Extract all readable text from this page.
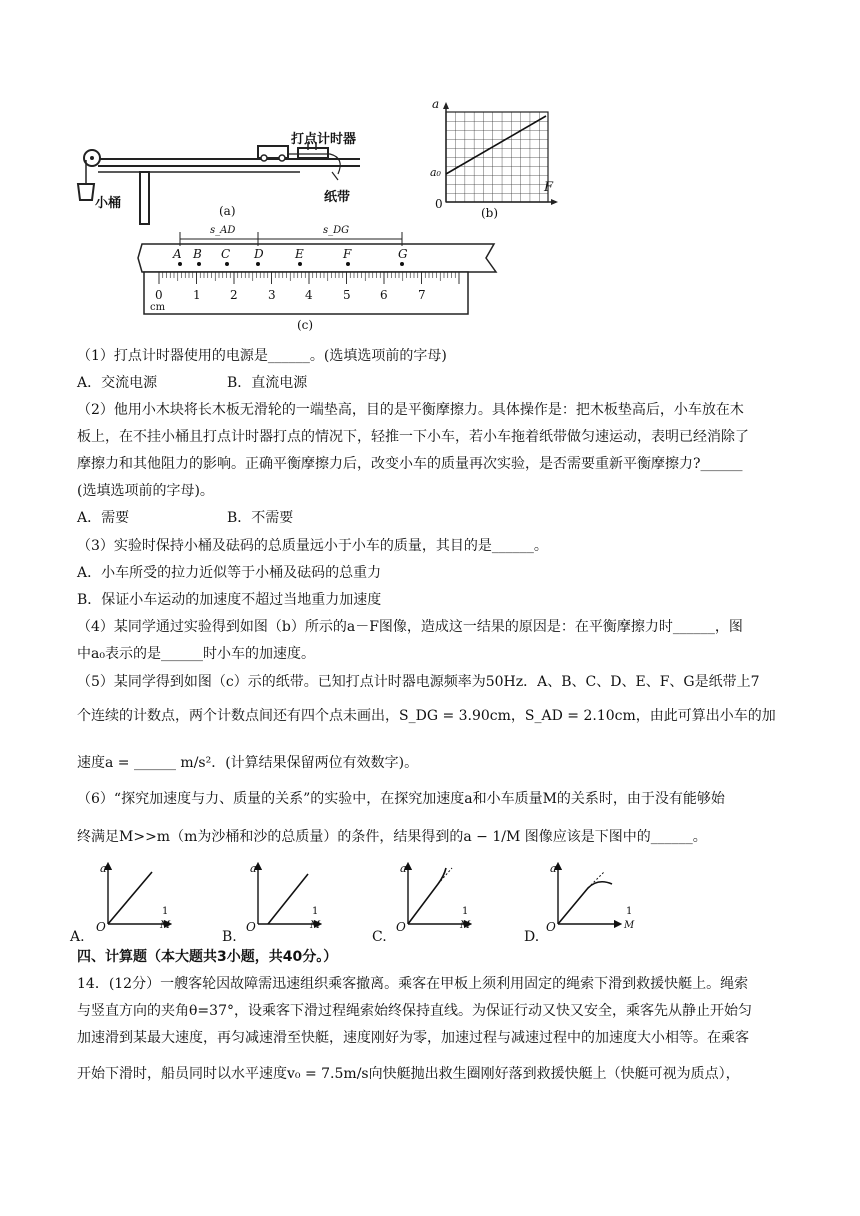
打点计时器
小桶	纸带
(a)
a
F
0
a₀
(b)
A B C D	E	F	G
s_AD	s_DG
0	1 2	3 4	5 6	7
cm
(c)
（1）打点计时器使用的电源是______。(选填选项前的字母)
A．交流电源	B．直流电源
（2）他用小木块将长木板无滑轮的一端垫高，目的是平衡摩擦力。具体操作是：把木板垫高后，小车放在木
板上，在不挂小桶且打点计时器打点的情况下，轻推一下小车，若小车拖着纸带做匀速运动，表明已经消除了
摩擦力和其他阻力的影响。正确平衡摩擦力后，改变小车的质量再次实验，是否需要重新平衡摩擦力?______
(选填选项前的字母)。
A．需要	B．不需要
（3）实验时保持小桶及砝码的总质量远小于小车的质量，其目的是______。
A．小车所受的拉力近似等于小桶及砝码的总重力
B．保证小车运动的加速度不超过当地重力加速度
（4）某同学通过实验得到如图（b）所示的a－F图像，造成这一结果的原因是：在平衡摩擦力时______，图
中a₀表示的是______时小车的加速度。
（5）某同学得到如图（c）示的纸带。已知打点计时器电源频率为50Hz．A、B、C、D、E、F、G是纸带上7
个连续的计数点，两个计数点间还有四个点未画出，S_DG = 3.90cm，S_AD = 2.10cm，由此可算出小车的加
速度a = ______ m/s²．(计算结果保留两位有效数字)。
（6）“探究加速度与力、质量的关系”的实验中，在探究加速度a和小车质量M的关系时，由于没有能够始
终满足M>>m（m为沙桶和沙的总质量）的条件，结果得到的a − 1/M 图像应该是下图中的______。
A.
a
O
1
M
B.
a
O
1
M
C.
a
O
1
M
D.
a
O
1
M
四、计算题（本大题共3小题，共40分。）
14．(12分）一艘客轮因故障需迅速组织乘客撤离。乘客在甲板上须利用固定的绳索下滑到救援快艇上。绳索
与竖直方向的夹角θ=37°，设乘客下滑过程绳索始终保持直线。为保证行动又快又安全，乘客先从静止开始匀
加速滑到某最大速度，再匀减速滑至快艇，速度刚好为零，加速过程与减速过程中的加速度大小相等。在乘客
开始下滑时，船员同时以水平速度v₀ = 7.5m/s向快艇抛出救生圈刚好落到救援快艇上（快艇可视为质点），
